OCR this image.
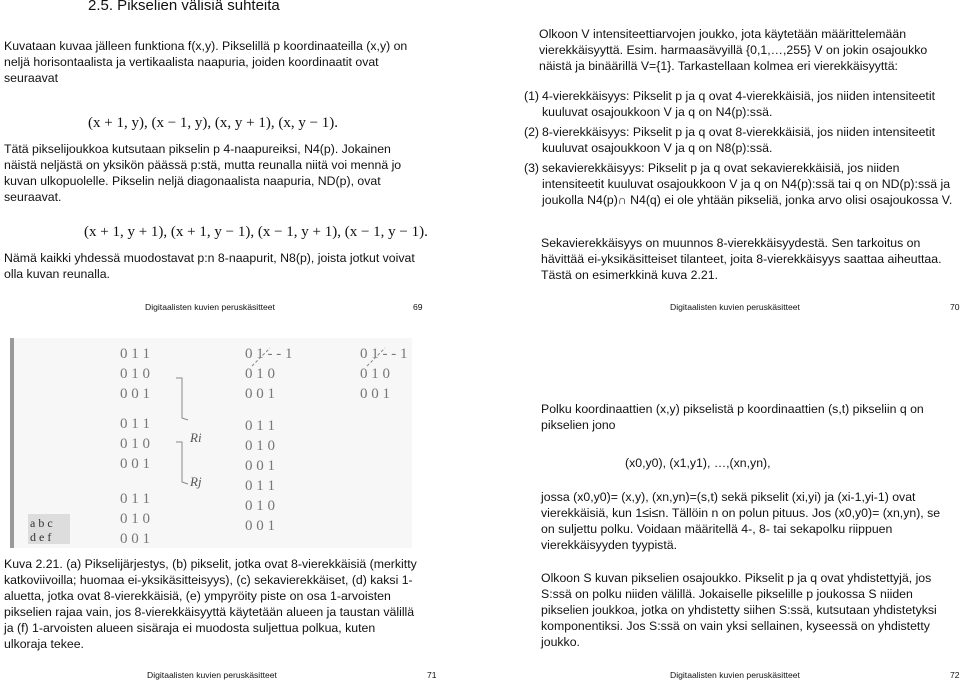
2.5. Pikselien välisiä suhteita

Kuvataan kuvaa jälleen funktiona f(x,y). Pikselillä p koordinaateilla (x,y) on neljä horisontaalista ja vertikaalista naapuria, joiden koordinaatit ovat seuraavat

(x + 1, y), (x − 1, y), (x, y + 1), (x, y − 1).

Tätä pikselijoukkoa kutsutaan pikselin p 4-naapureiksi, N4(p). Jokainen näistä neljästä on yksikön päässä p:stä, mutta reunalla niitä voi mennä jo kuvan ulkopuolelle. Pikselin neljä diagonaalista naapuria, ND(p), ovat seuraavat.

(x + 1, y + 1), (x + 1, y − 1), (x − 1, y + 1), (x − 1, y − 1).

Nämä kaikki yhdessä muodostavat p:n 8-naapurit, N8(p), joista jotkut voivat olla kuvan reunalla.

Digitaalisten kuvien peruskäsitteet	69

Olkoon V intensiteettiarvojen joukko, jota käytetään määrittelemään vierekkäisyyttä. Esim. harmaasävyillä {0,1,…,255} V on jokin osajoukko näistä ja binäärillä V={1}. Tarkastellaan kolmea eri vierekkäisyyttä:

(1) 4-vierekkäisyys: Pikselit p ja q ovat 4-vierekkäisiä, jos niiden intensiteetit kuuluvat osajoukkoon V ja q on N4(p):ssä.
(2) 8-vierekkäisyys: Pikselit p ja q ovat 8-vierekkäisiä, jos niiden intensiteetit kuuluvat osajoukkoon V ja q on N8(p):ssä.
(3) sekavierekkäisyys: Pikselit p ja q ovat sekavierekkäisiä, jos niiden intensiteetit kuuluvat osajoukkoon V ja q on N4(p):ssä tai q on ND(p):ssä ja joukolla N4(p)∩ N4(q) ei ole yhtään pikseliä, jonka arvo olisi osajoukossa V.

Sekavierekkäisyys on muunnos 8-vierekkäisyydestä. Sen tarkoitus on hävittää ei-yksikäsitteiset tilanteet, joita 8-vierekkäisyys saattaa aiheuttaa. Tästä on esimerkkinä kuva 2.21.

Digitaalisten kuvien peruskäsitteet	70
0 1 1
0 1 0
0 0 1
0 1 1
0 1 0
0 0 1
0 1 1
0 1 0
0 0 1
0 1 - - 1
0 1 0
0 0 1
0 1 - - 1
0 1 0
0 0 1
0 1 1
0 1 0
0 0 1
0 1 1
0 1 0
0 0 1
Ri
Rj
a b c
d e f

Kuva 2.21. (a) Pikselijärjestys, (b) pikselit, jotka ovat 8-vierekkäisiä (merkitty katkoviivoilla; huomaa ei-yksikäsitteisyys), (c) sekavierekkäiset, (d) kaksi 1-aluetta, jotka ovat 8-vierekkäisiä, (e) ympyröity piste on osa 1-arvoisten pikselien rajaa vain, jos 8-vierekkäisyyttä käytetään alueen ja taustan välillä ja (f) 1-arvoisten alueen sisäraja ei muodosta suljettua polkua, kuten ulkoraja tekee.

Digitaalisten kuvien peruskäsitteet	71

Polku koordinaattien (x,y) pikselistä p koordinaattien (s,t) pikseliin q on pikselien jono

(x0,y0), (x1,y1), …,(xn,yn),

jossa (x0,y0)= (x,y), (xn,yn)=(s,t) sekä pikselit (xi,yi) ja (xi-1,yi-1) ovat vierekkäisiä, kun 1≤i≤n. Tällöin n on polun pituus. Jos (x0,y0)= (xn,yn), se on suljettu polku. Voidaan määritellä 4-, 8- tai sekapolku riippuen vierekkäisyyden tyypistä.

Olkoon S kuvan pikselien osajoukko. Pikselit p ja q ovat yhdistettyjä, jos S:ssä on polku niiden välillä. Jokaiselle pikselille p joukossa S niiden pikselien joukkoa, jotka on yhdistetty siihen S:ssä, kutsutaan yhdistetyksi komponentiksi. Jos S:ssä on vain yksi sellainen, kyseessä on yhdistetty joukko.

Digitaalisten kuvien peruskäsitteet	72
